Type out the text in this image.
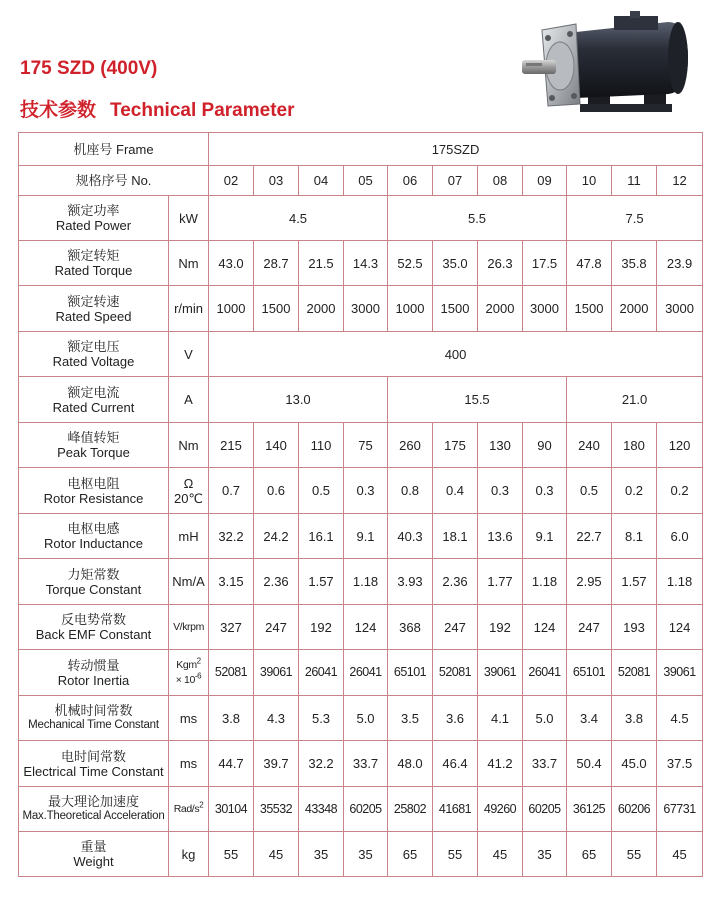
175 SZD (400V)
技术参数 Technical Parameter
机座号 Frame		175SZD										
规格序号 No.		02	03	04	05	06	07	08	09	10	11	12

额定功率
Rated Power	kW	4.5				5.5				7.5		

额定转矩
Rated Torque	Nm	43.0	28.7	21.5	14.3	52.5	35.0	26.3	17.5	47.8	35.8	23.9

额定转速
Rated Speed	r/min	1000	1500	2000	3000	1000	1500	2000	3000	1500	2000	3000

额定电压
Rated Voltage	V	400										

额定电流
Rated Current	A	13.0				15.5				21.0		

峰值转矩
Peak Torque	Nm	215	140	110	75	260	175	130	90	240	180	120

电枢电阻
Rotor Resistance	Ω
20℃	0.7	0.6	0.5	0.3	0.8	0.4	0.3	0.3	0.5	0.2	0.2

电枢电感
Rotor Inductance	mH	32.2	24.2	16.1	9.1	40.3	18.1	13.6	9.1	22.7	8.1	6.0

力矩常数
Torque Constant	Nm/A	3.15	2.36	1.57	1.18	3.93	2.36	1.77	1.18	2.95	1.57	1.18

反电势常数
Back EMF Constant	V/krpm	327	247	192	124	368	247	192	124	247	193	124

转动惯量
Rotor Inertia	Kgm$^2$
× $10^{-6}$	52081	39061	26041	26041	65101	52081	39061	26041	65101	52081	39061

机械时间常数
Mechanical Time Constant	ms	3.8	4.3	5.3	5.0	3.5	3.6	4.1	5.0	3.4	3.8	4.5

电时间常数
Electrical Time Constant	ms	44.7	39.7	32.2	33.7	48.0	46.4	41.2	33.7	50.4	45.0	37.5

最大理论加速度
Max.Theoretical Acceleration	Rad/$s^2$	30104	35532	43348	60205	25802	41681	49260	60205	36125	60206	67731

重量
Weight	kg	55	45	35	35	65	55	45	35	65	55	45
